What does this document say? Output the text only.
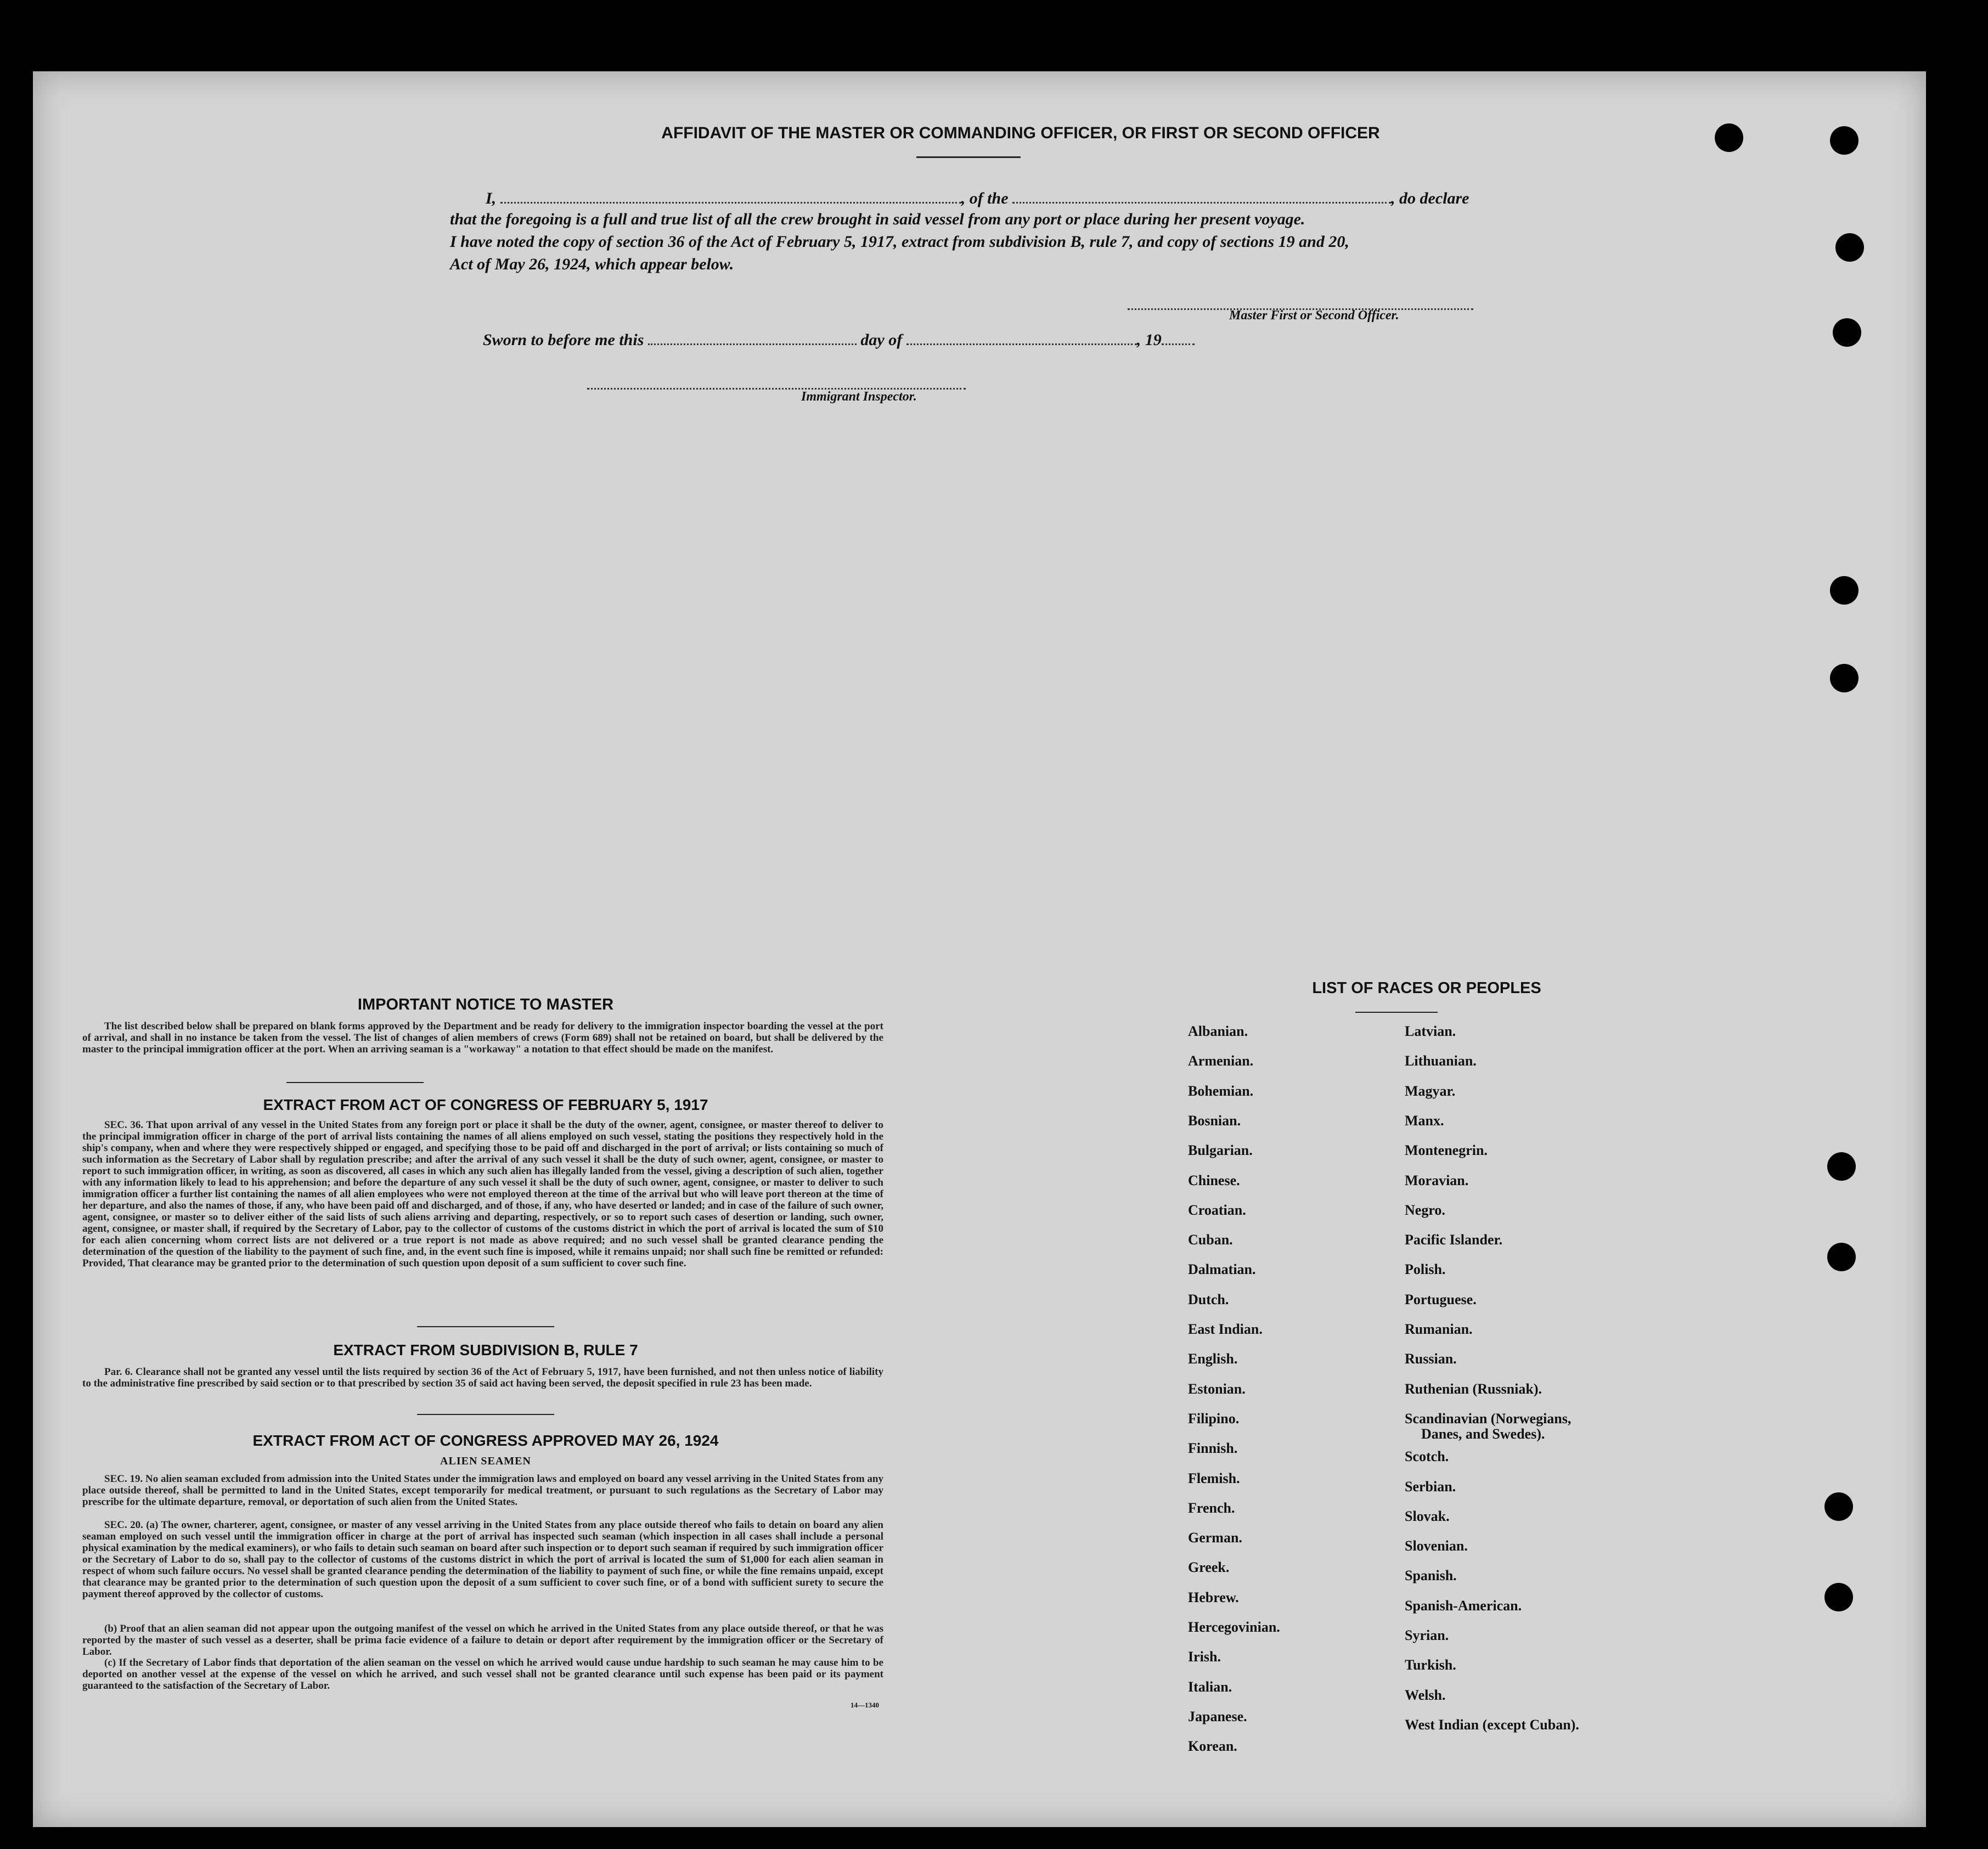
AFFIDAVIT OF THE MASTER OR COMMANDING OFFICER, OR FIRST OR SECOND OFFICER
I,	, of the	, do declare
that the foregoing is a full and true list of all the crew brought in said vessel from any port or place during her present voyage.
I have noted the copy of section 36 of the Act of February 5, 1917, extract from subdivision B, rule 7, and copy of sections 19 and 20,
Act of May 26, 1924, which appear below.
Master First or Second Officer.
Sworn to before me this	day of	, 19
Immigrant Inspector.
IMPORTANT NOTICE TO MASTER
The list described below shall be prepared on blank forms approved by the Department and be ready for delivery to the immigration inspector boarding the vessel at the port of arrival, and shall in no instance be taken from the vessel. The list of changes of alien members of crews (Form 689) shall not be retained on board, but shall be delivered by the master to the principal immigration officer at the port. When an arriving seaman is a "workaway" a notation to that effect should be made on the manifest.
EXTRACT FROM ACT OF CONGRESS OF FEBRUARY 5, 1917
SEC. 36. That upon arrival of any vessel in the United States from any foreign port or place it shall be the duty of the owner, agent, consignee, or master thereof to deliver to the principal immigration officer in charge of the port of arrival lists containing the names of all aliens employed on such vessel, stating the positions they respectively hold in the ship's company, when and where they were respectively shipped or engaged, and specifying those to be paid off and discharged in the port of arrival; or lists containing so much of such information as the Secretary of Labor shall by regulation prescribe; and after the arrival of any such vessel it shall be the duty of such owner, agent, consignee, or master to report to such immigration officer, in writing, as soon as discovered, all cases in which any such alien has illegally landed from the vessel, giving a description of such alien, together with any information likely to lead to his apprehension; and before the departure of any such vessel it shall be the duty of such owner, agent, consignee, or master to deliver to such immigration officer a further list containing the names of all alien employees who were not employed thereon at the time of the arrival but who will leave port thereon at the time of her departure, and also the names of those, if any, who have been paid off and discharged, and of those, if any, who have deserted or landed; and in case of the failure of such owner, agent, consignee, or master so to deliver either of the said lists of such aliens arriving and departing, respectively, or so to report such cases of desertion or landing, such owner, agent, consignee, or master shall, if required by the Secretary of Labor, pay to the collector of customs of the customs district in which the port of arrival is located the sum of $10 for each alien concerning whom correct lists are not delivered or a true report is not made as above required; and no such vessel shall be granted clearance pending the determination of the question of the liability to the payment of such fine, and, in the event such fine is imposed, while it remains unpaid; nor shall such fine be remitted or refunded: Provided, That clearance may be granted prior to the determination of such question upon deposit of a sum sufficient to cover such fine.
EXTRACT FROM SUBDIVISION B, RULE 7
Par. 6. Clearance shall not be granted any vessel until the lists required by section 36 of the Act of February 5, 1917, have been furnished, and not then unless notice of liability to the administrative fine prescribed by said section or to that prescribed by section 35 of said act having been served, the deposit specified in rule 23 has been made.
EXTRACT FROM ACT OF CONGRESS APPROVED MAY 26, 1924
ALIEN SEAMEN
SEC. 19. No alien seaman excluded from admission into the United States under the immigration laws and employed on board any vessel arriving in the United States from any place outside thereof, shall be permitted to land in the United States, except temporarily for medical treatment, or pursuant to such regulations as the Secretary of Labor may prescribe for the ultimate departure, removal, or deportation of such alien from the United States.
SEC. 20. (a) The owner, charterer, agent, consignee, or master of any vessel arriving in the United States from any place outside thereof who fails to detain on board any alien seaman employed on such vessel until the immigration officer in charge at the port of arrival has inspected such seaman (which inspection in all cases shall include a personal physical examination by the medical examiners), or who fails to detain such seaman on board after such inspection or to deport such seaman if required by such immigration officer or the Secretary of Labor to do so, shall pay to the collector of customs of the customs district in which the port of arrival is located the sum of $1,000 for each alien seaman in respect of whom such failure occurs. No vessel shall be granted clearance pending the determination of the liability to payment of such fine, or while the fine remains unpaid, except that clearance may be granted prior to the determination of such question upon the deposit of a sum sufficient to cover such fine, or of a bond with sufficient surety to secure the payment thereof approved by the collector of customs.
(b) Proof that an alien seaman did not appear upon the outgoing manifest of the vessel on which he arrived in the United States from any place outside thereof, or that he was reported by the master of such vessel as a deserter, shall be prima facie evidence of a failure to detain or deport after requirement by the immigration officer or the Secretary of Labor.
(c) If the Secretary of Labor finds that deportation of the alien seaman on the vessel on which he arrived would cause undue hardship to such seaman he may cause him to be deported on another vessel at the expense of the vessel on which he arrived, and such vessel shall not be granted clearance until such expense has been paid or its payment guaranteed to the satisfaction of the Secretary of Labor.
14—1340
LIST OF RACES OR PEOPLES
Albanian.
Armenian.
Bohemian.
Bosnian.
Bulgarian.
Chinese.
Croatian.
Cuban.
Dalmatian.
Dutch.
East Indian.
English.
Estonian.
Filipino.
Finnish.
Flemish.
French.
German.
Greek.
Hebrew.
Hercegovinian.
Irish.
Italian.
Japanese.
Korean.
Latvian.
Lithuanian.
Magyar.
Manx.
Montenegrin.
Moravian.
Negro.
Pacific Islander.
Polish.
Portuguese.
Rumanian.
Russian.
Ruthenian (Russniak).
Scandinavian (Norwegians,
Danes, and Swedes).
Scotch.
Serbian.
Slovak.
Slovenian.
Spanish.
Spanish-American.
Syrian.
Turkish.
Welsh.
West Indian (except Cuban).
